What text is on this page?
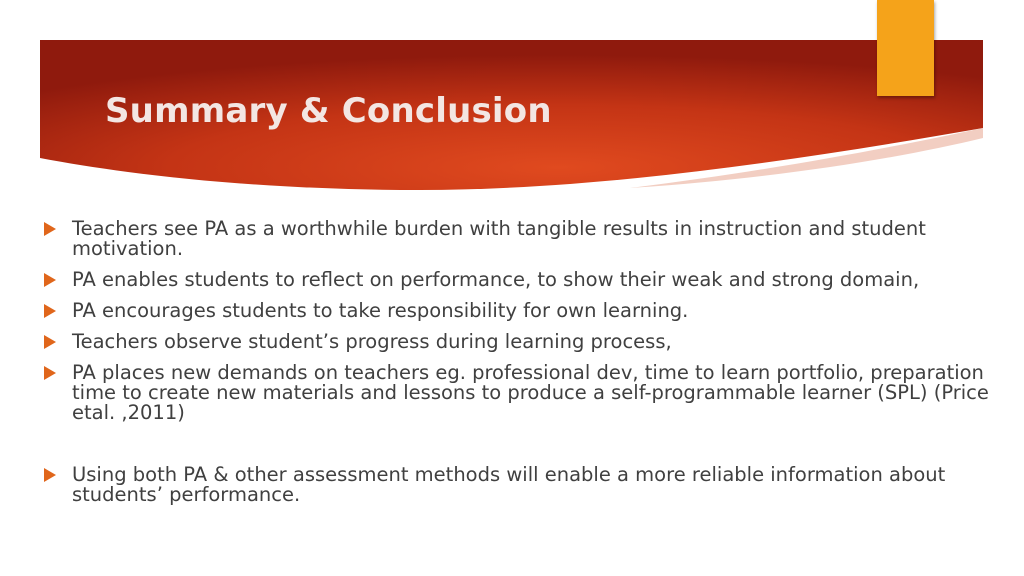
Summary & Conclusion
Teachers see PA as a worthwhile burden with tangible results in instruction and student motivation.
PA enables students to reflect on performance, to show their weak and strong domain,
PA encourages students to take responsibility for own learning.
Teachers observe student’s progress during learning process,
PA places new demands on teachers eg. professional dev, time to learn portfolio, preparation time to create new materials and lessons to produce a self-programmable learner (SPL) (Price etal. ,2011)
Using both PA & other assessment methods will enable a more reliable information about students’ performance.
